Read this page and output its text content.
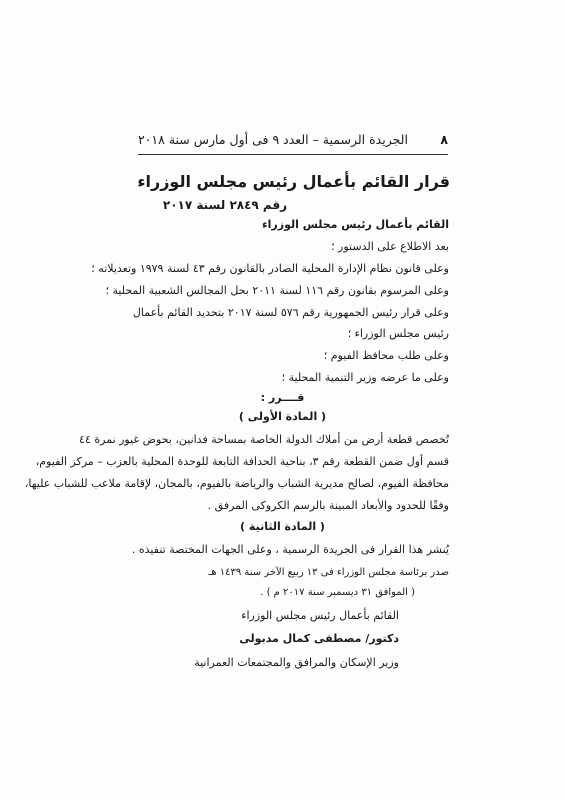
٨
الجريدة الرسمية – العدد ٩ فى أول مارس سنة ٢٠١٨
قرار القائم بأعمال رئيس مجلس الوزراء
رقم ٢٨٤٩ لسنة ٢٠١٧
القائم بأعمال رئيس مجلس الوزراء
بعد الاطلاع على الدستور ؛
وعلى قانون نظام الإدارة المحلية الصادر بالقانون رقم ٤٣ لسنة ١٩٧٩ وتعديلاته ؛
وعلى المرسوم بقانون رقم ١١٦ لسنة ٢٠١١ بحل المجالس الشعبية المحلية ؛
وعلى قرار رئيس الجمهورية رقم ٥٧٦ لسنة ٢٠١٧ بتحديد القائم بأعمال
رئيس مجلس الوزراء ؛
وعلى طلب محافظ الفيوم ؛
وعلى ما عرضه وزير التنمية المحلية ؛
قــــرر :
( المادة الأولى )
تُخصص قطعة أرض من أملاك الدولة الخاصة بمساحة فدانين، بحوض غيور نمرة ٤٤
قسم أول ضمن القطعة رقم ٣، بناحية الحدافة التابعة للوحدة المحلية بالعزب – مركز الفيوم،
محافظة الفيوم، لصالح مديرية الشباب والرياضة بالفيوم، بالمجان، لإقامة ملاعب للشباب عليها،
وفقًا للحدود والأبعاد المبينة بالرسم الكروكى المرفق .
( المادة الثانية )
يُنشر هذا القرار فى الجريدة الرسمية ، وعلى الجهات المختصة تنفيذه .
صدر برئاسة مجلس الوزراء فى ١٣ ربيع الآخر سنة ١٤٣٩ هـ
( الموافق ٣١ ديسمبر سنة ٢٠١٧ م ) .
القائم بأعمال رئيس مجلس الوزراء
دكتور/ مصطفى كمال مدبولى
وزير الإسكان والمرافق والمجتمعات العمرانية
